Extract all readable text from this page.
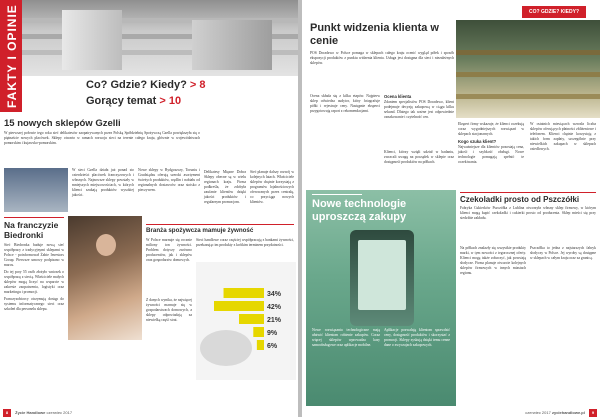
FAKTY I OPINIE	Co? Gdzie? Kiedy? > 8
Gorący temat > 10
15 nowych sklepów Gzelli

W pierwszej połowie tego roku sieć delikatesów zaopatrywanych przez Polską Spółdzielnię Spożywczą Gzella powiększyła się o piętnaście nowych placówek. Sklepy otwarto w ramach rozwoju sieci na terenie całego kraju, głównie w województwach pomorskim i kujawsko-pomorskim.

W sieci Gzella działa już ponad sto czterdzieści placówek franczyzowych i własnych. Najnowsze sklepy powstały w mniejszych miejscowościach, w których klienci szukają produktów wysokiej jakości.

Nowe sklepy w Bydgoszczy, Toruniu i Grudziądzu oferują szeroki asortyment świeżych produktów, wędlin i nabiału od regionalnych dostawców oraz stoisko z pieczywem.

Na franczyzie Biedronki

Sieć Biedronka buduje nową sieć współpracy z tradycyjnymi sklepami w Polsce - poinformował Żabie Investors Group. Pierwsze umowy podpisano w marcu.

Do tej pory 55 osób złożyło wniosek o współpracę z siecią. Właściciele małych sklepów mogą liczyć na wsparcie w zakresie zaopatrzenia, logistyki oraz marketingu i promocji.

Franczyzobiorcy otrzymują dostęp do systemu informatycznego sieci oraz szkoleń dla personelu sklepu.

Delikatesy Mięsne Dobra Sklepy obecne są w wielu regionach kraju. Firma podkreśla, że zdobyła zaufanie klientów dzięki jakości produktów i regularnym promocjom.

Sieć planuje dalszy rozwój w kolejnych latach. Właściciele sklepów chętnie korzystają z programów lojalnościowych oferowanych przez centralę, co przyciąga nowych klientów.

Branża spożywcza mamuje żywność

W Polsce marnuje się rocznie miliony ton żywności. Problem dotyczy zarówno producentów, jak i sklepów oraz gospodarstw domowych.

Sieci handlowe coraz częściej współpracują z bankami żywności, przekazując im produkty z krótkim terminem przydatności.

Z danych wynika, że najwięcej żywności marnuje się w gospodarstwach domowych, a sklepy odpowiadają za niewielką część strat.

34%
42%
21%
9%
6%
8 Życie Handlowe czerwiec 2017
CO? GDZIE? KIEDY?
Punkt widzenia klienta w cenie

POS Doradzwo w Polsce pomaga w sklepach całego kraju ocenić wygląd półek i sposób ekspozycji produktów z punktu widzenia klienta. Usługa jest dostępna dla sieci i niezależnych sklepów.

Ocena składa się z kilku etapów. Najpierw sklep odwiedza audytor, który fotografuje półki i rejestruje ceny. Następnie eksperci przygotowują raport z rekomendacjami.

Ocena klienta

Zdaniem specjalistów POS Doradzwo, klient podejmuje decyzję zakupową w ciągu kilku sekund. Dlatego tak ważne jest odpowiednie oznakowanie i czytelność cen.

Klienci, którzy wzięli udział w badaniu, zwracali uwagę na porządek w sklepie oraz dostępność produktów na półkach.

Ekspert firmy wskazuje, że klienci oczekują coraz wygodniejszych rozwiązań w sklepach stacjonarnych.

Kogo szuka klient?

Najważniejsze dla klientów pozostają cena, jakość i szybkość obsługi. Nowe technologie pomagają spełnić te oczekiwania.

W ostatnich miesiącach wzrosła liczba sklepów oferujących płatności zbliżeniowe i telefonem. Klienci chętnie korzystają z takich form zapłaty, szczególnie przy niewielkich zakupach w sklepach osiedlowych.

Nowe technologie uproszczą zakupy

Nowe rozwiązania technologiczne mają ułatwić klientom robienie zakupów. Coraz więcej sklepów wprowadza kasy samoobsługowe oraz aplikacje mobilne.

Aplikacje pozwalają klientom sprawdzić ceny, dostępność produktów i skorzystać z promocji. Sklepy zyskują dzięki temu cenne dane o zwyczajach zakupowych.

Czekoladki prosto od Pszczółki

Fabryka Cukierków Pszczółka z Lublina otworzyła własny sklep firmowy, w którym klienci mogą kupić czekoladki i cukierki prosto od producenta. Sklep mieści się przy siedzibie zakładu.

Na półkach znalazły się wszystkie produkty marki, w tym nowości z tegorocznej oferty. Klienci mogą także zobaczyć, jak powstają słodycze. Firma planuje otwarcie kolejnych sklepów firmowych w innych miastach regionu.

Pszczółka to jedna z najstarszych fabryk słodyczy w Polsce. Jej wyroby są dostępne w sklepach w całym kraju oraz za granicą.

czerwiec 2017 zyciehandlowe.pl 9
